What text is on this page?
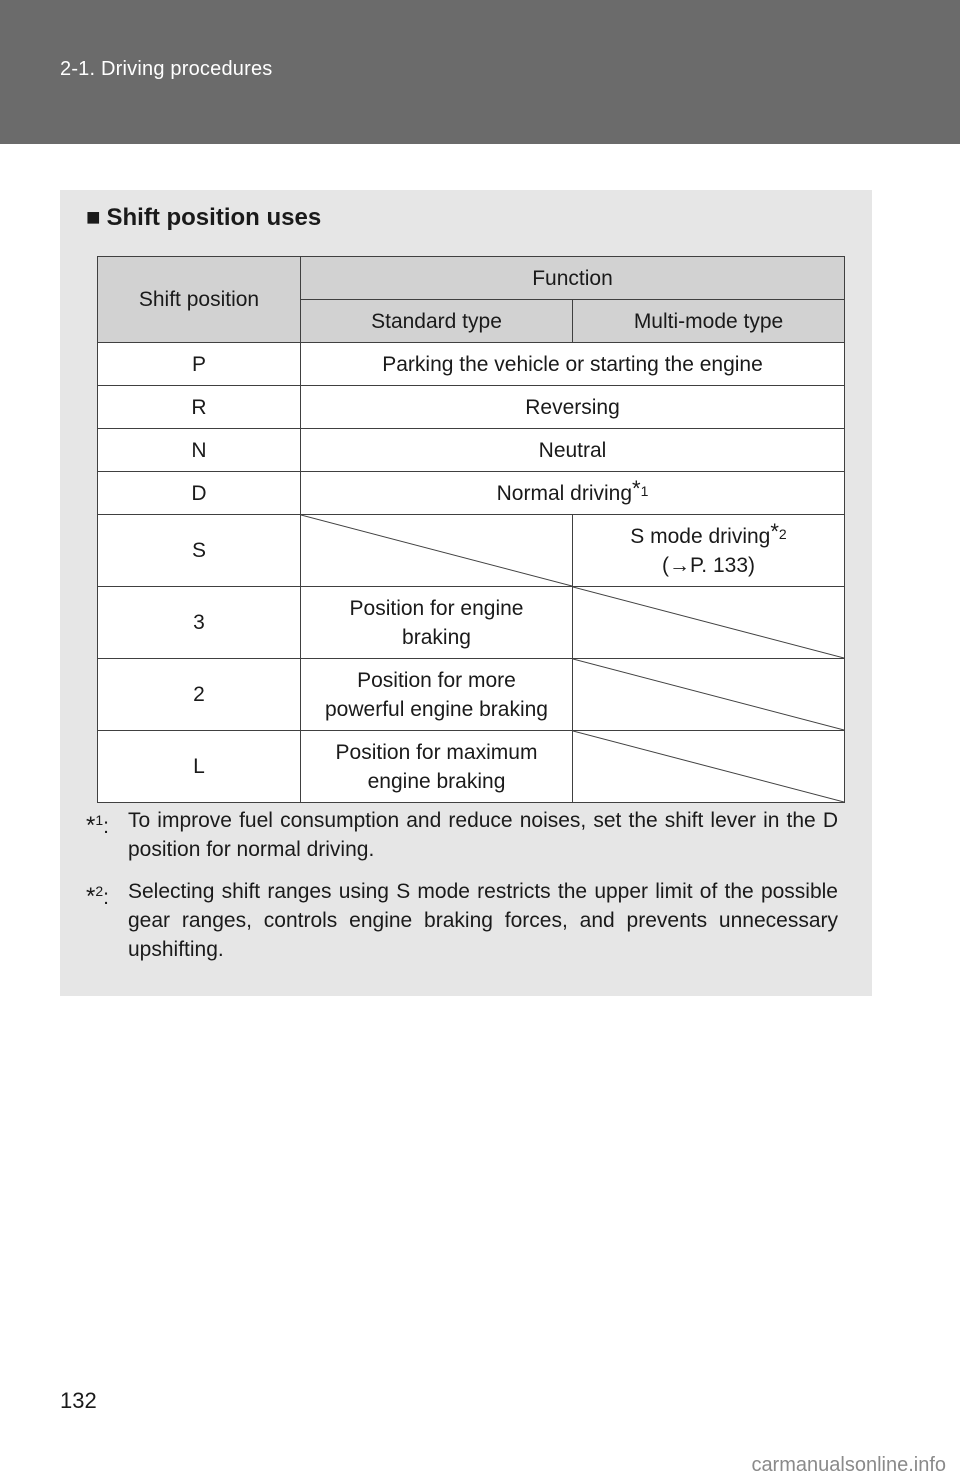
2-1. Driving procedures
■ Shift position uses
Shift position	Function	
	Standard type	Multi-mode type
P	Parking the vehicle or starting the engine	
R	Reversing	
N	Neutral	
D	Normal driving$^{*1}$
S		S mode driving$^{*2}$
(→P. 133)

3	Position for engine
braking

2	Position for more
powerful engine braking

L	Position for maximum
engine braking

*$^1$: To improve fuel consumption and reduce noises, set the shift lever in the D position for normal driving.
*$^2$: Selecting shift ranges using S mode restricts the upper limit of the possible gear ranges, controls engine braking forces, and prevents unnecessary upshifting.
132
carmanualsonline.info
